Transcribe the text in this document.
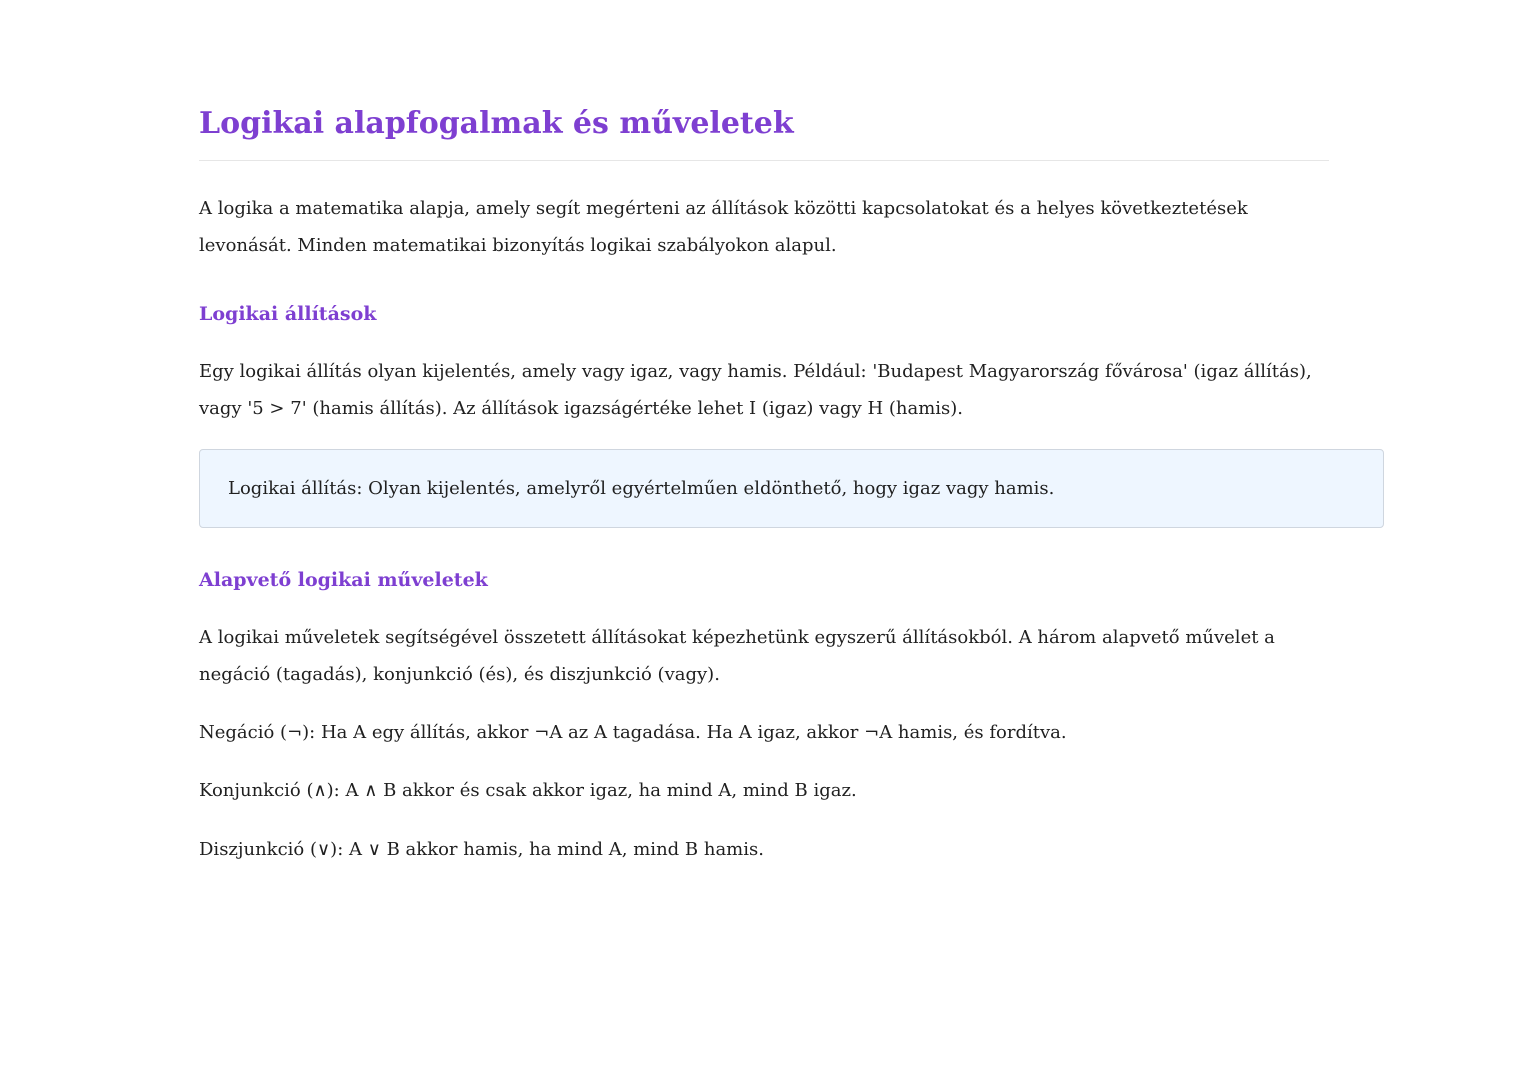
Logikai alapfogalmak és műveletek

A logika a matematika alapja, amely segít megérteni az állítások közötti kapcsolatokat és a helyes következtetések levonását. Minden matematikai bizonyítás logikai szabályokon alapul.

Logikai állítások

Egy logikai állítás olyan kijelentés, amely vagy igaz, vagy hamis. Például: 'Budapest Magyarország fővárosa' (igaz állítás), vagy '5 > 7' (hamis állítás). Az állítások igazságértéke lehet I (igaz) vagy H (hamis).

Logikai állítás: Olyan kijelentés, amelyről egyértelműen eldönthető, hogy igaz vagy hamis.

Alapvető logikai műveletek

A logikai műveletek segítségével összetett állításokat képezhetünk egyszerű állításokból. A három alapvető művelet a negáció (tagadás), konjunkció (és), és diszjunkció (vagy).

Negáció (¬): Ha A egy állítás, akkor ¬A az A tagadása. Ha A igaz, akkor ¬A hamis, és fordítva.

Konjunkció (∧): A ∧ B akkor és csak akkor igaz, ha mind A, mind B igaz.

Diszjunkció (∨): A ∨ B akkor hamis, ha mind A, mind B hamis.
